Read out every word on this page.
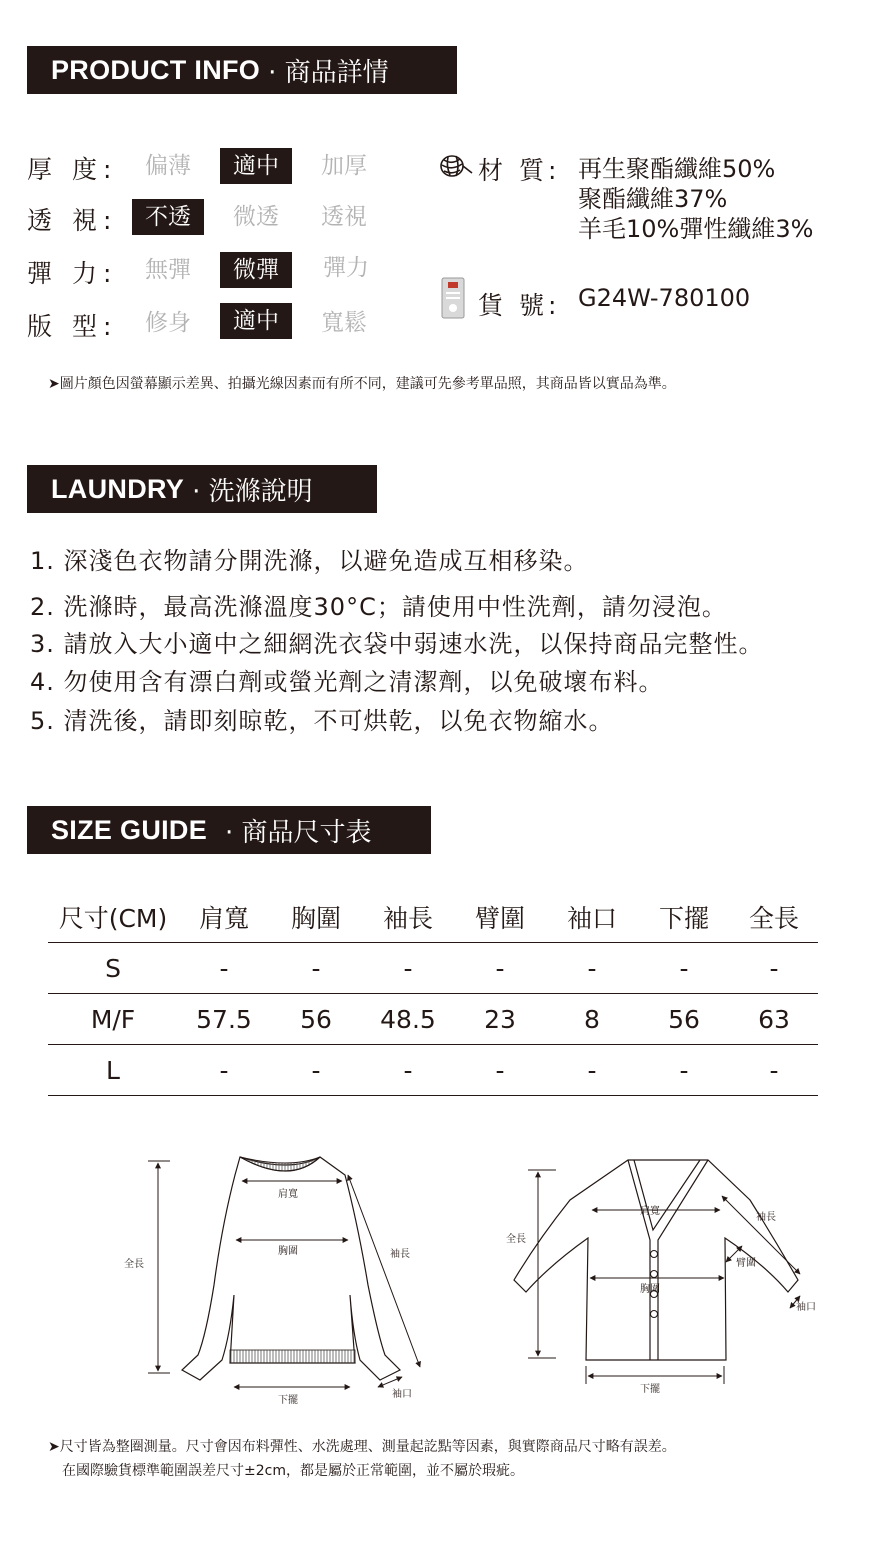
PRODUCT INFO · 商品詳情
厚 度:	偏薄	適中	加厚
透 視:	不透	微透	透視
彈 力:	無彈	微彈	彈力
版 型:	修身	適中	寬鬆
材 質: 再生聚酯纖維50%
聚酯纖維37%
羊毛10%彈性纖維3%
貨 號: G24W-780100
➤圖片顏色因螢幕顯示差異、拍攝光線因素而有所不同，建議可先參考單品照，其商品皆以實品為準。
LAUNDRY · 洗滌說明
1. 深淺色衣物請分開洗滌，以避免造成互相移染。
2. 洗滌時，最高洗滌溫度30°C；請使用中性洗劑，請勿浸泡。
3. 請放入大小適中之細網洗衣袋中弱速水洗，以保持商品完整性。
4. 勿使用含有漂白劑或螢光劑之清潔劑，以免破壞布料。
5. 清洗後，請即刻晾乾，不可烘乾，以免衣物縮水。
SIZE GUIDE · 商品尺寸表
尺寸(CM)	肩寬	胸圍	袖長	臂圍	袖口	下擺	全長
S	-	-	-	-	-	-	-
M/F	57.5	56	48.5	23	8	56	63
L	-	-	-	-	-	-	-
肩寬
胸圍	袖長
全長
下擺
袖口
肩寬
胸圍
袖長
臂圍
全長
下擺
袖口
➤尺寸皆為整圈測量。尺寸會因布料彈性、水洗處理、測量起訖點等因素，與實際商品尺寸略有誤差。
在國際驗貨標準範圍誤差尺寸±2cm，都是屬於正常範圍，並不屬於瑕疵。
